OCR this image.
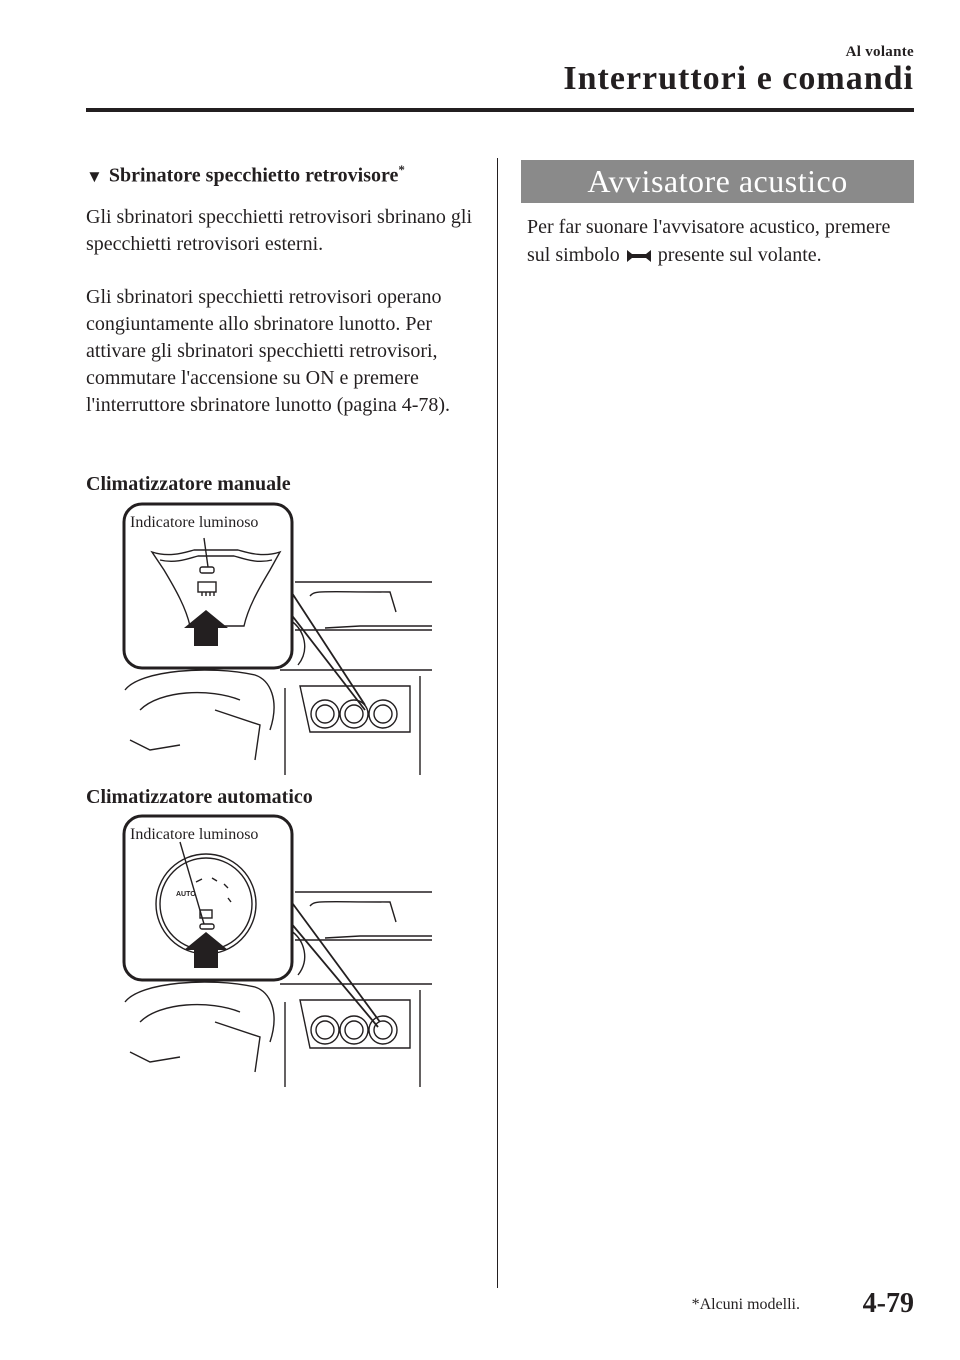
Al volante
Interruttori e comandi
▼ Sbrinatore specchietto retrovisore*
Gli sbrinatori specchietti retrovisori sbrinano gli specchietti retrovisori esterni.
Gli sbrinatori specchietti retrovisori operano congiuntamente allo sbrinatore lunotto. Per attivare gli sbrinatori specchietti retrovisori, commutare l'accensione su ON e premere l'interruttore sbrinatore lunotto (pagina 4-78).
Climatizzatore manuale
Indicatore luminoso
Climatizzatore automatico
AUTO
Indicatore luminoso
Avvisatore acustico
Per far suonare l'avvisatore acustico, premere sul simbolo presente sul volante.
*Alcuni modelli. 4-79
